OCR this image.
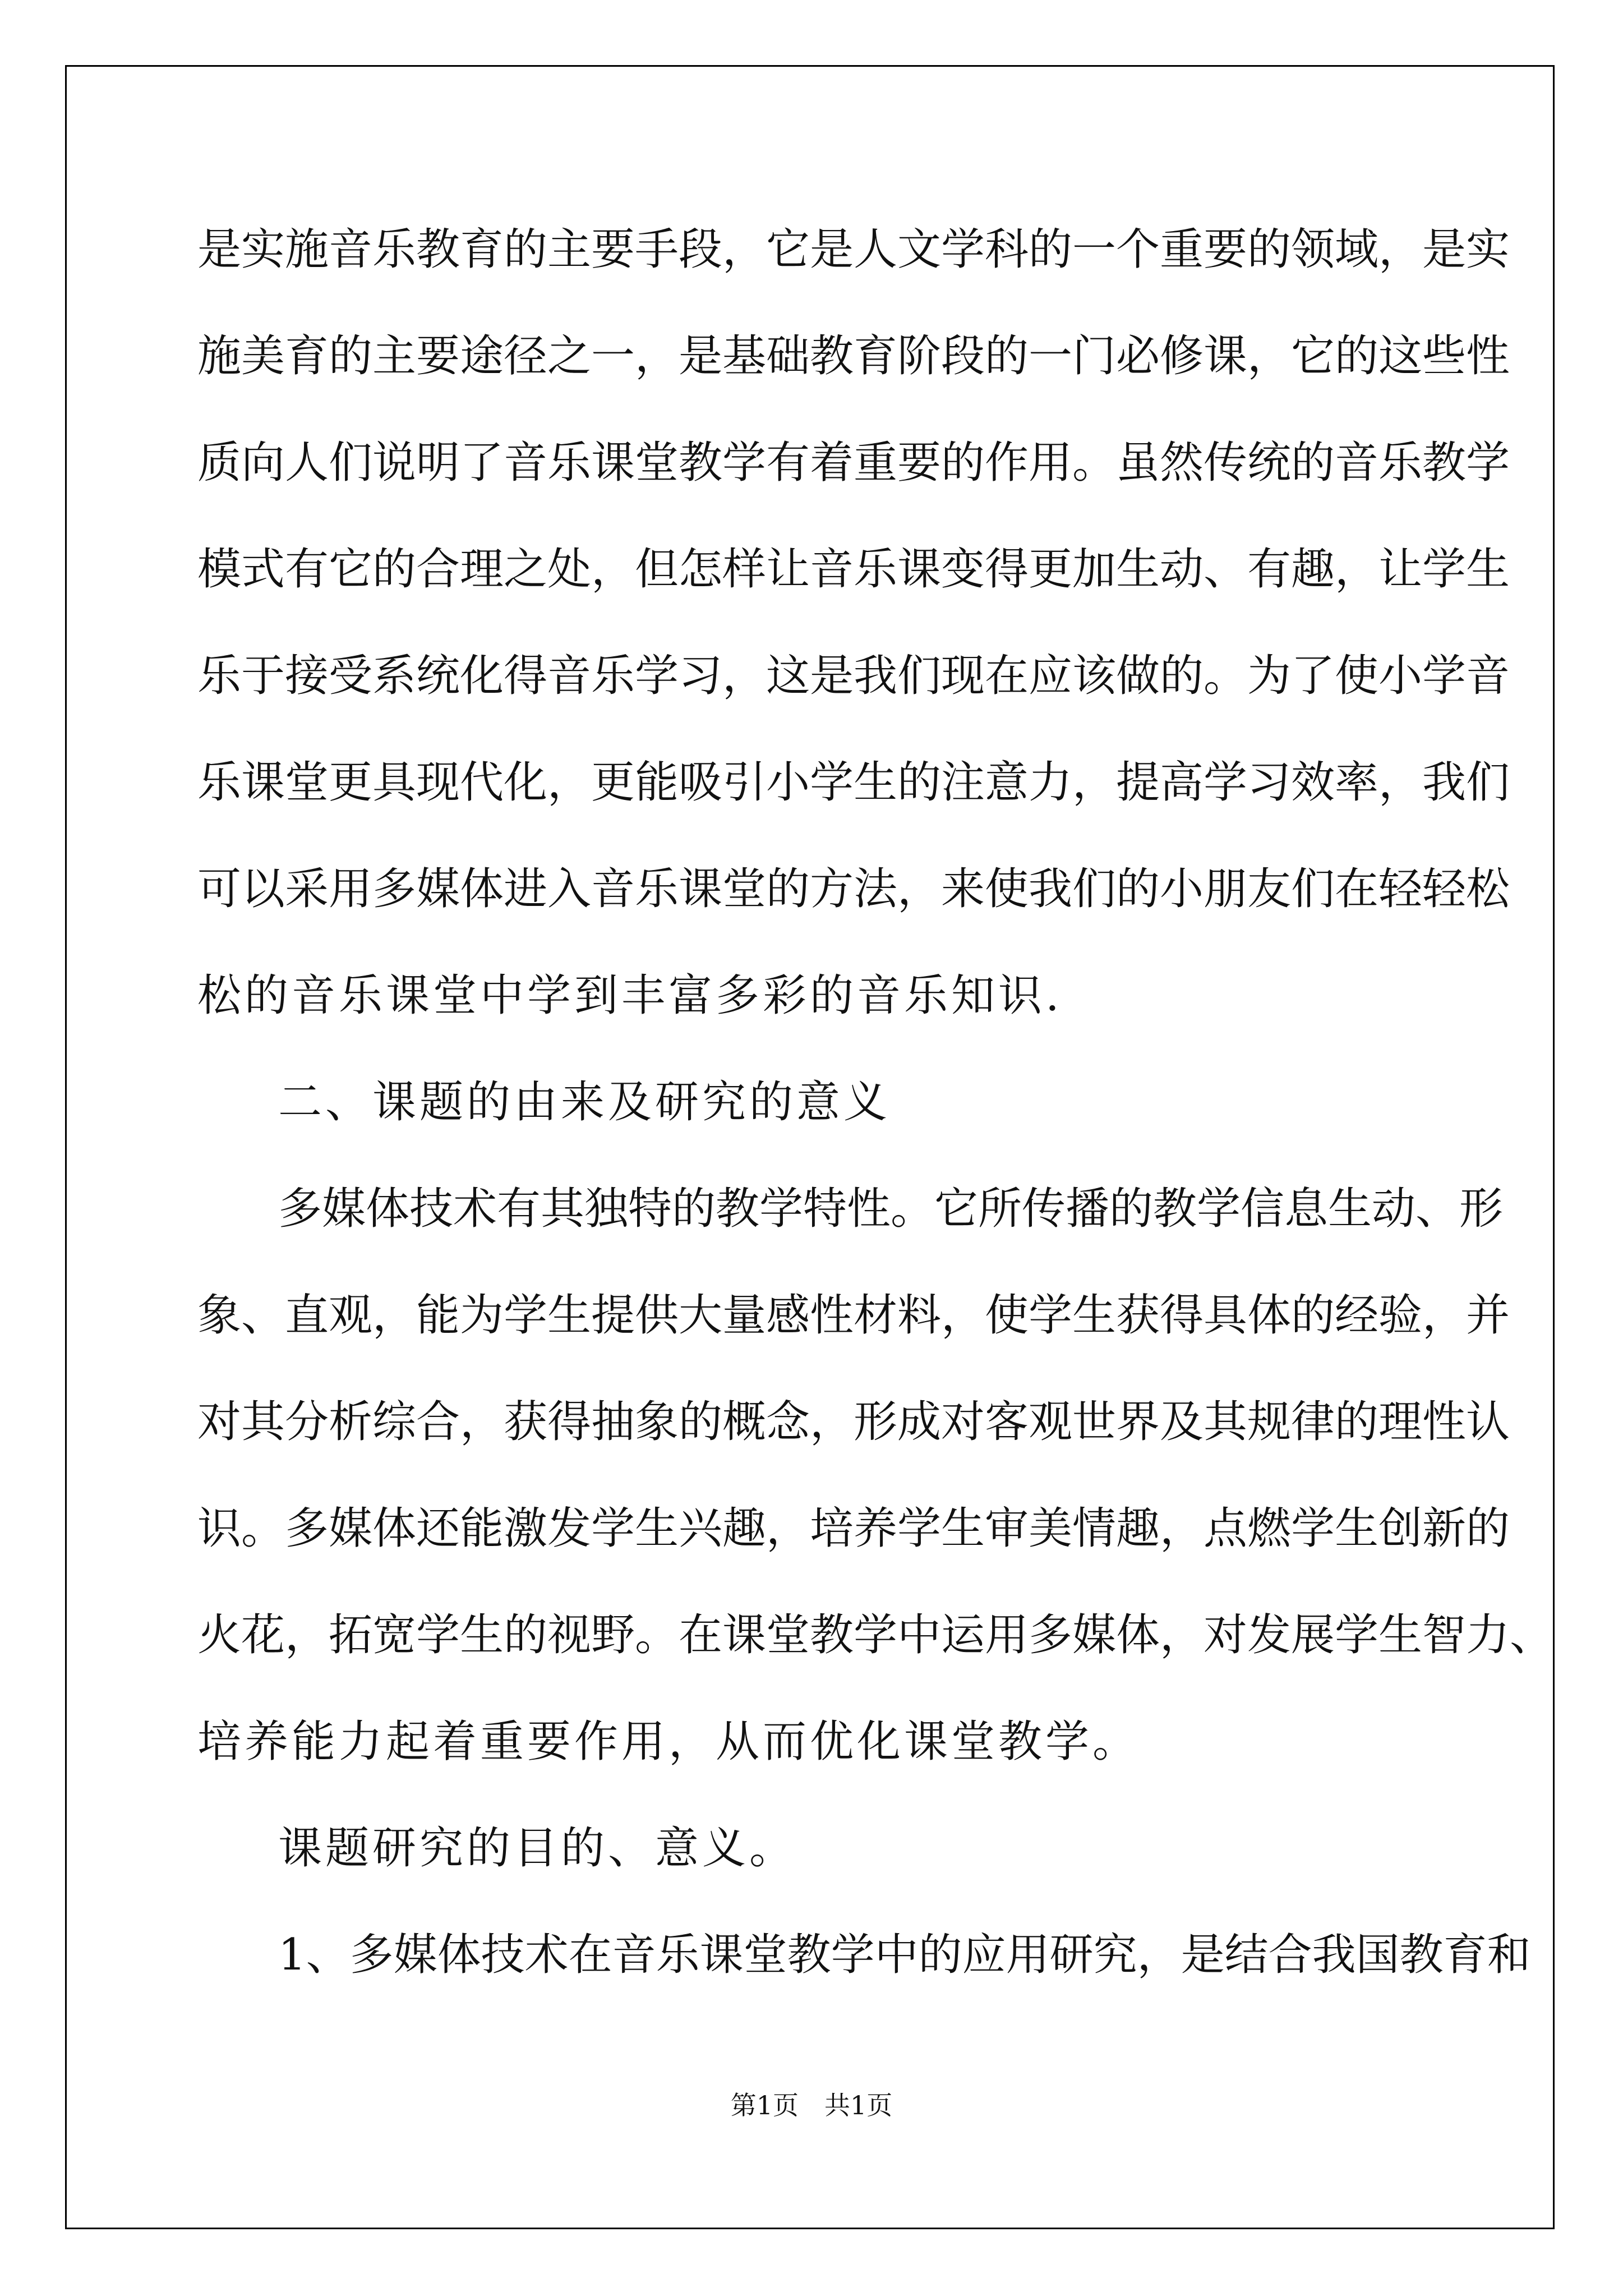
是实施音乐教育的主要手段，它是人文学科的一个重要的领域，是实
施美育的主要途径之一，是基础教育阶段的一门必修课，它的这些性
质向人们说明了音乐课堂教学有着重要的作用。虽然传统的音乐教学
模式有它的合理之处，但怎样让音乐课变得更加生动、有趣，让学生
乐于接受系统化得音乐学习，这是我们现在应该做的。为了使小学音
乐课堂更具现代化，更能吸引小学生的注意力，提高学习效率，我们
可以采用多媒体进入音乐课堂的方法，来使我们的小朋友们在轻轻松
松的音乐课堂中学到丰富多彩的音乐知识.
二、课题的由来及研究的意义
多媒体技术有其独特的教学特性。它所传播的教学信息生动、形
象、直观，能为学生提供大量感性材料，使学生获得具体的经验，并
对其分析综合，获得抽象的概念，形成对客观世界及其规律的理性认
识。多媒体还能激发学生兴趣，培养学生审美情趣，点燃学生创新的
火花，拓宽学生的视野。在课堂教学中运用多媒体，对发展学生智力、
培养能力起着重要作用，从而优化课堂教学。
课题研究的目的、意义。
1、多媒体技术在音乐课堂教学中的应用研究，是结合我国教育和
第1页　共1页
